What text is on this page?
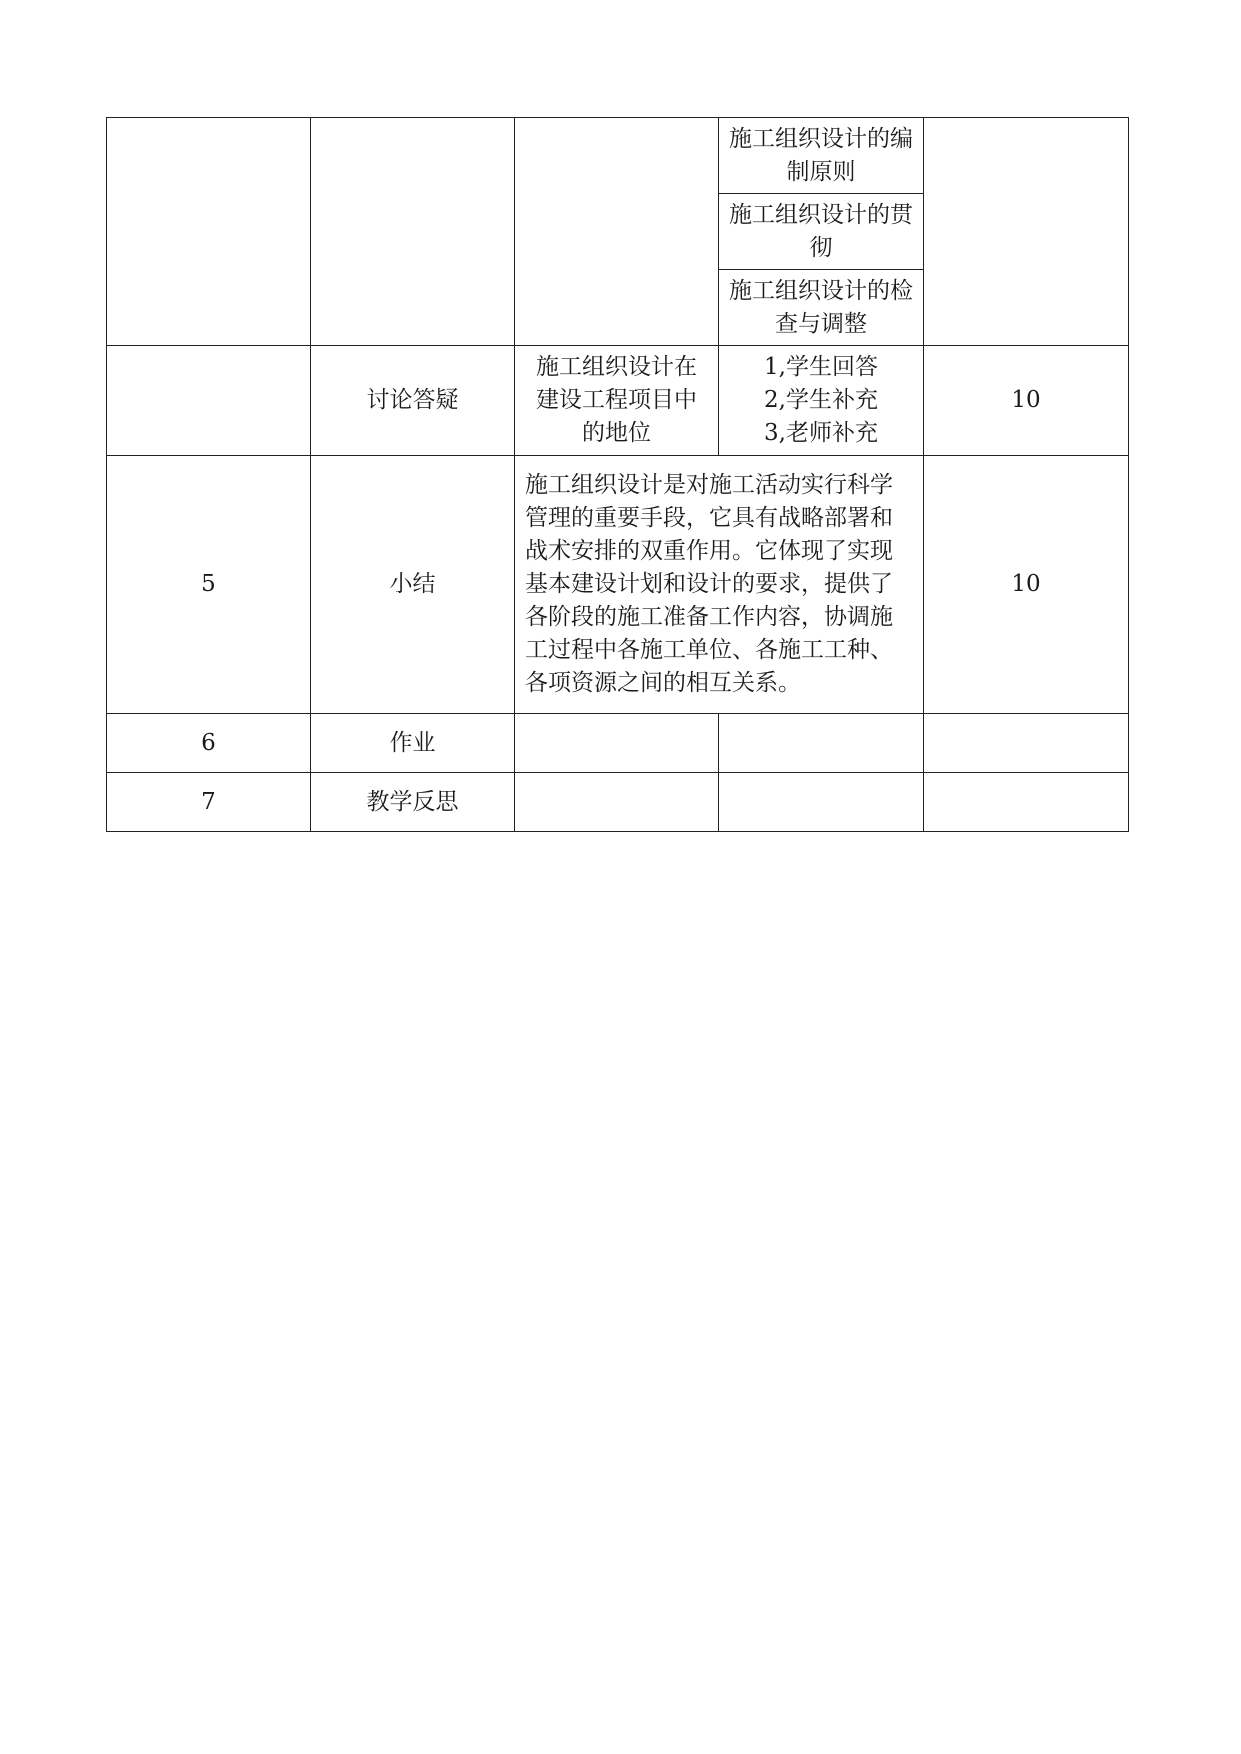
			施工组织设计的编制原则	

			施工组织设计的贯彻	

			施工组织设计的检查与调整	

	讨论答疑	施工组织设计在建设工程项目中的地位	1,学生回答
2,学生补充
3,老师补充	10

5	小结	施工组织设计是对施工活动实行科学管理的重要手段，它具有战略部署和战术安排的双重作用。它体现了实现基本建设计划和设计的要求，提供了各阶段的施工准备工作内容，协调施工过程中各施工单位、各施工工种、各项资源之间的相互关系。		10

6	作业			

7	教学反思			
